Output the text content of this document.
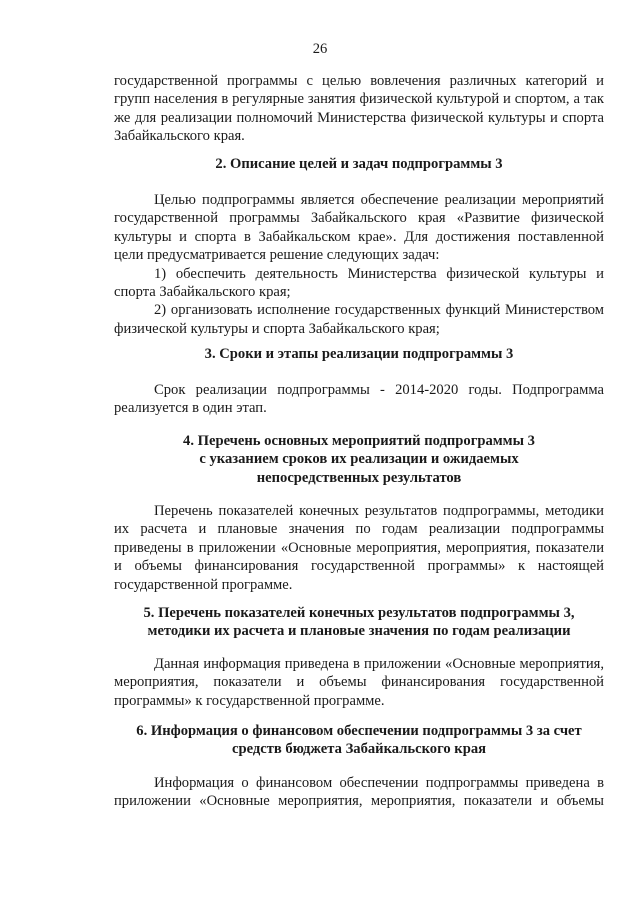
26

государственной программы с целью вовлечения различных категорий и групп населения в регулярные занятия физической культурой и спортом, а так же для реализации полномочий Министерства физической культуры и спорта Забайкальского края.

2. Описание целей и задач подпрограммы 3

Целью подпрограммы является обеспечение реализации мероприятий государственной программы Забайкальского края «Развитие физической культуры и спорта в Забайкальском крае». Для достижения поставленной цели предусматривается решение следующих задач:

1) обеспечить деятельность Министерства физической культуры и спорта Забайкальского края;

2) организовать исполнение государственных функций Министерством физической культуры и спорта Забайкальского края;

3. Сроки и этапы реализации подпрограммы 3

Срок реализации подпрограммы - 2014-2020 годы. Подпрограмма реализуется в один этап.

4. Перечень основных мероприятий подпрограммы 3
с указанием сроков их реализации и ожидаемых
непосредственных результатов

Перечень показателей конечных результатов подпрограммы, методики их расчета и плановые значения по годам реализации подпрограммы приведены в приложении «Основные мероприятия, мероприятия, показатели и объемы финансирования государственной программы» к настоящей государственной программе.

5. Перечень показателей конечных результатов подпрограммы 3,
методики их расчета и плановые значения по годам реализации

Данная информация приведена в приложении «Основные мероприятия, мероприятия, показатели и объемы финансирования государственной программы» к государственной программе.

6. Информация о финансовом обеспечении подпрограммы 3 за счет
средств бюджета Забайкальского края

Информация о финансовом обеспечении подпрограммы приведена в приложении «Основные мероприятия, мероприятия, показатели и объемы
